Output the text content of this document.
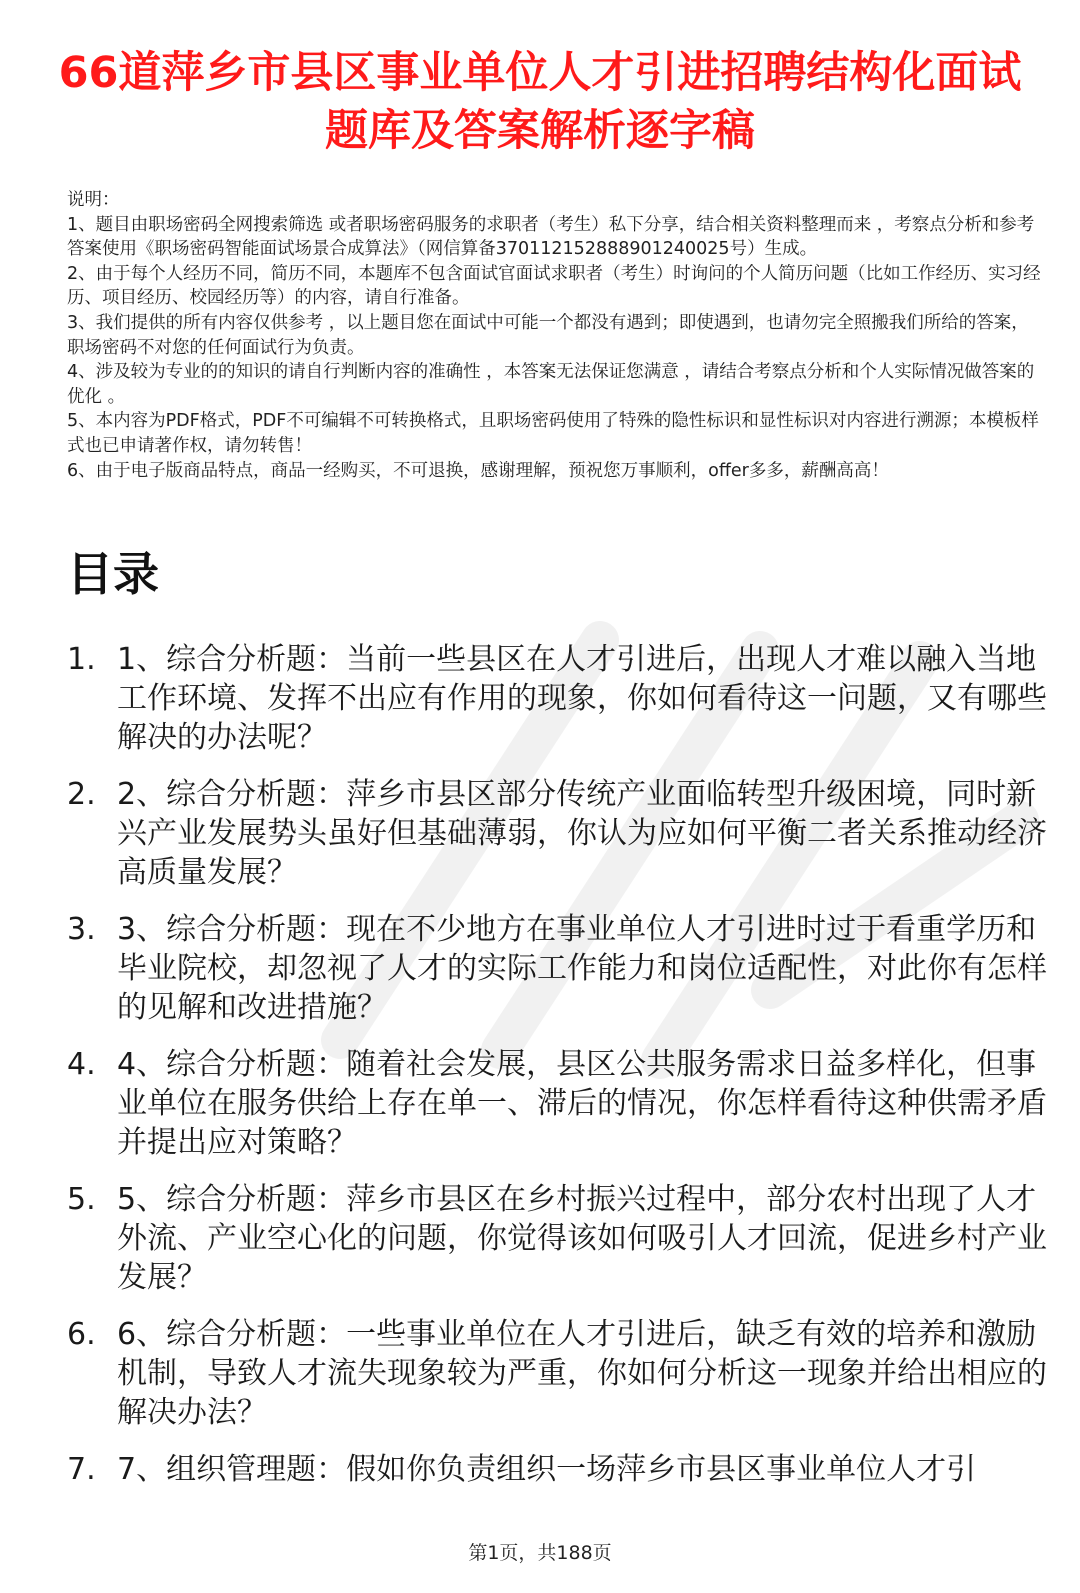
66道萍乡市县区事业单位人才引进招聘结构化面试题库及答案解析逐字稿

说明：

1、题目由职场密码全网搜索筛选 或者职场密码服务的求职者（考生）私下分享，结合相关资料整理而来 ，考察点分析和参考答案使用《职场密码智能面试场景合成算法》（网信算备370112152888901240025号）生成。

2、由于每个人经历不同，简历不同，本题库不包含面试官面试求职者（考生）时询问的个人简历问题（比如工作经历、实习经历、项目经历、校园经历等）的内容，请自行准备。

3、我们提供的所有内容仅供参考 ，以上题目您在面试中可能一个都没有遇到；即使遇到，也请勿完全照搬我们所给的答案，职场密码不对您的任何面试行为负责。

4、涉及较为专业的的知识的请自行判断内容的准确性 ，本答案无法保证您满意 ，请结合考察点分析和个人实际情况做答案的优化 。

5、本内容为PDF格式，PDF不可编辑不可转换格式，且职场密码使用了特殊的隐性标识和显性标识对内容进行溯源；本模板样式也已申请著作权，请勿转售！

6、由于电子版商品特点，商品一经购买，不可退换，感谢理解，预祝您万事顺利，offer多多，薪酬高高！

目录
1. 1、综合分析题：当前一些县区在人才引进后，出现人才难以融入当地工作环境、发挥不出应有作用的现象，你如何看待这一问题，又有哪些解决的办法呢？
2. 2、综合分析题：萍乡市县区部分传统产业面临转型升级困境，同时新兴产业发展势头虽好但基础薄弱，你认为应如何平衡二者关系推动经济高质量发展？
3. 3、综合分析题：现在不少地方在事业单位人才引进时过于看重学历和毕业院校，却忽视了人才的实际工作能力和岗位适配性，对此你有怎样的见解和改进措施？
4. 4、综合分析题：随着社会发展，县区公共服务需求日益多样化，但事业单位在服务供给上存在单一、滞后的情况，你怎样看待这种供需矛盾并提出应对策略？
5. 5、综合分析题：萍乡市县区在乡村振兴过程中，部分农村出现了人才外流、产业空心化的问题，你觉得该如何吸引人才回流，促进乡村产业发展？
6. 6、综合分析题：一些事业单位在人才引进后，缺乏有效的培养和激励机制，导致人才流失现象较为严重，你如何分析这一现象并给出相应的解决办法？
7. 7、组织管理题：假如你负责组织一场萍乡市县区事业单位人才引
第1页，共188页
